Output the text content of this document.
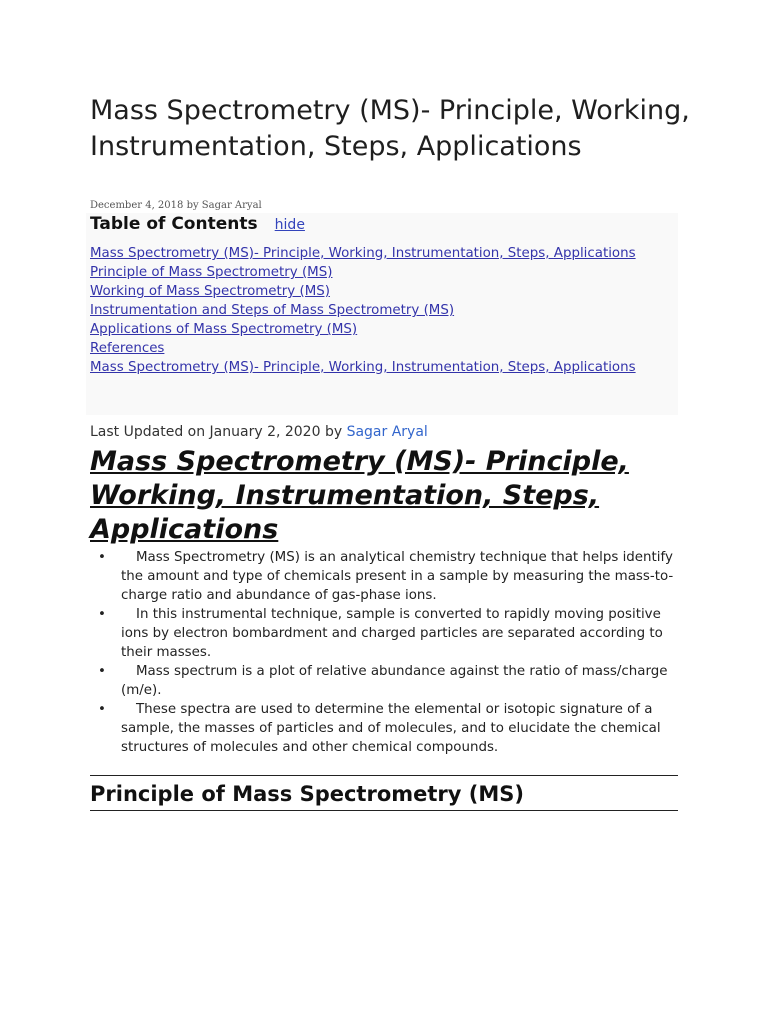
Mass Spectrometry (MS)- Principle, Working, Instrumentation, Steps, Applications

December 4, 2018 by Sagar Aryal

Table of Contents hide
Mass Spectrometry (MS)- Principle, Working, Instrumentation, Steps, Applications
Principle of Mass Spectrometry (MS)
Working of Mass Spectrometry (MS)
Instrumentation and Steps of Mass Spectrometry (MS)
Applications of Mass Spectrometry (MS)
References
Mass Spectrometry (MS)- Principle, Working, Instrumentation, Steps, Applications

Last Updated on January 2, 2020 by Sagar Aryal

Mass Spectrometry (MS)- Principle, Working, Instrumentation, Steps, Applications
•	Mass Spectrometry (MS) is an analytical chemistry technique that helps identify the amount and type of chemicals present in a sample by measuring the mass-to-charge ratio and abundance of gas-phase ions.
•	In this instrumental technique, sample is converted to rapidly moving positive ions by electron bombardment and charged particles are separated according to their masses.
•	Mass spectrum is a plot of relative abundance against the ratio of mass/charge (m/e).
•	These spectra are used to determine the elemental or isotopic signature of a sample, the masses of particles and of molecules, and to elucidate the chemical structures of molecules and other chemical compounds.
Principle of Mass Spectrometry (MS)
